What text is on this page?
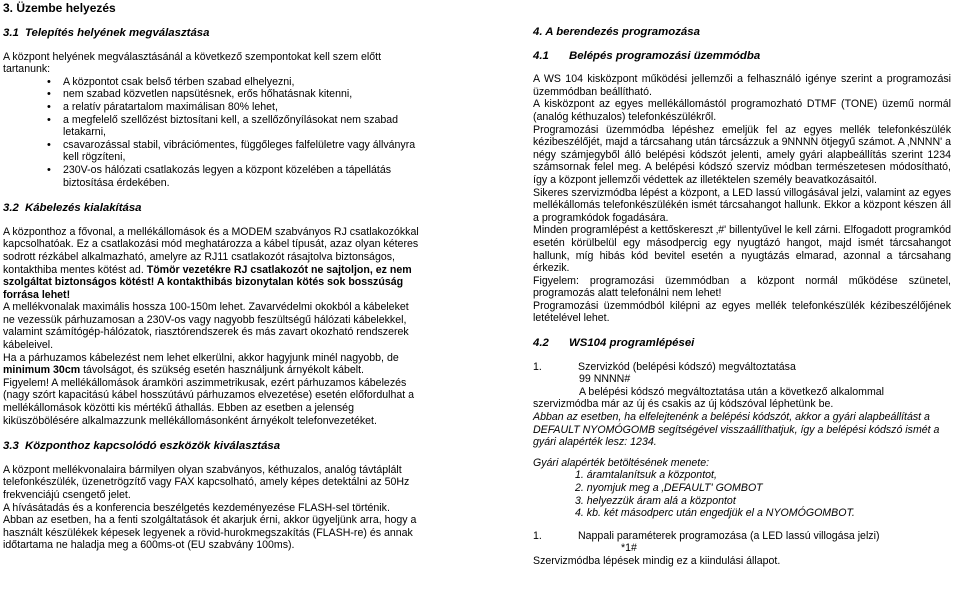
3. Üzembe helyezés
3.1 Telepítés helyének megválasztása

A központ helyének megválasztásánál a következő szempontokat kell szem előtt tartanunk:

• A központot csak belső térben szabad elhelyezni,
• nem szabad közvetlen napsütésnek, erős hőhatásnak kitenni,
• a relatív páratartalom maximálisan 80% lehet,
• a megfelelő szellőzést biztosítani kell, a szellőzőnyílásokat nem szabad letakarni,
• csavarozással stabil, vibrációmentes, függőleges falfelületre vagy állványra kell rögzíteni,
• 230V-os hálózati csatlakozás legyen a központ közelében a tápellátás biztosítása érdekében.
3.2 Kábelezés kialakítása

A központhoz a fővonal, a mellékállomások és a MODEM szabványos RJ csatlakozókkal kapcsolhatóak. Ez a csatlakozási mód meghatározza a kábel típusát, azaz olyan kéteres sodrott rézkábel alkalmazható, amelyre az RJ11 csatlakozót rásajtolva biztonságos, kontakthiba mentes kötést ad. Tömör vezetékre RJ csatlakozót ne sajtoljon, ez nem szolgáltat biztonságos kötést! A kontakthibás bizonytalan kötés sok bosszúság forrása lehet!

A mellékvonalak maximális hossza 100-150m lehet. Zavarvédelmi okokból a kábeleket ne vezessük párhuzamosan a 230V-os vagy nagyobb feszültségű hálózati kábelekkel, valamint számítógép-hálózatok, riasztórendszerek és más zavart okozható rendszerek kábeleivel.

Ha a párhuzamos kábelezést nem lehet elkerülni, akkor hagyjunk minél nagyobb, de minimum 30cm távolságot, és szükség esetén használjunk árnyékolt kábelt.

Figyelem! A mellékállomások áramköri aszimmetrikusak, ezért párhuzamos kábelezés (nagy szórt kapacitású kábel hosszútávú párhuzamos elvezetése) esetén előfordulhat a mellékállomások közötti kis mértékű áthallás. Ebben az esetben a jelenség kiküszöbölésére alkalmazzunk mellékállomásonként árnyékolt telefonvezetéket.

3.3 Központhoz kapcsolódó eszközök kiválasztása

A központ mellékvonalaira bármilyen olyan szabványos, kéthuzalos, analóg távtáplált telefonkészülék, üzenetrögzítő vagy FAX kapcsolható, amely képes detektálni az 50Hz frekvenciájú csengető jelet.

A hívásátadás és a konferencia beszélgetés kezdeményezése FLASH-sel történik. Abban az esetben, ha a fenti szolgáltatások ét akarjuk érni, akkor ügyeljünk arra, hogy a használt készülékek képesek legyenek a rövid-hurokmegszakítás (FLASH-re) és annak időtartama ne haladja meg a 600ms-ot (EU szabvány 100ms).

4. A berendezés programozása
4.1 Belépés programozási üzemmódba

A WS 104 kisközpont működési jellemzői a felhasználó igénye szerint a programozási üzemmódban beállítható.

A kisközpont az egyes mellékállomástól programozható DTMF (TONE) üzemű normál (analóg kéthuzalos) telefonkészülékről.

Programozási üzemmódba lépéshez emeljük fel az egyes mellék telefonkészülék kézibeszélőjét, majd a tárcsahang után tárcsázzuk a 9NNNN ötjegyű számot. A ‚NNNN' a négy számjegyből álló belépési kódszót jelenti, amely gyári alapbeállítás szerint 1234 számsornak felel meg. A belépési kódszó szerviz módban természetesen módosítható, így a központ jellemzői védettek az illetéktelen személy beavatkozásaitól.

Sikeres szervizmódba lépést a központ, a LED lassú villogásával jelzi, valamint az egyes mellékállomás telefonkészülékén ismét tárcsahangot hallunk. Ekkor a központ készen áll a programkódok fogadására.

Minden programlépést a kettőskereszt ‚#' billentyűvel le kell zárni. Elfogadott programkód esetén körülbelül egy másodpercig egy nyugtázó hangot, majd ismét tárcsahangot hallunk, míg hibás kód bevitel esetén a nyugtázás elmarad, azonnal a tárcsahang érkezik.

Figyelem: programozási üzemmódban a központ normál működése szünetel, programozás alatt telefonálni nem lehet!

Programozási üzemmódból kilépni az egyes mellék telefonkészülék kézibeszélőjének letételével lehet.

4.2 WS104 programlépései
1.	Szervizkód (belépési kódszó) megváltoztatása
99 NNNN#

A belépési kódszó megváltoztatása után a következő alkalommal szervizmódba már az új és csakis az új kódszóval léphetünk be.

Abban az esetben, ha elfelejtenénk a belépési kódszót, akkor a gyári alapbeállítást a DEFAULT NYOMÓGOMB segítségével visszaállíthatjuk, így a belépési kódszó ismét a gyári alapérték lesz: 1234.

Gyári alapérték betöltésének menete:

1. áramtalanítsuk a központot,
2. nyomjuk meg a ‚DEFAULT' GOMBOT
3. helyezzük áram alá a központot
4. kb. két másodperc után engedjük el a NYOMÓGOMBOT.
1.	Nappali paraméterek programozása (a LED lassú villogása jelzi)
*1#

Szervizmódba lépések mindig ez a kiindulási állapot.
